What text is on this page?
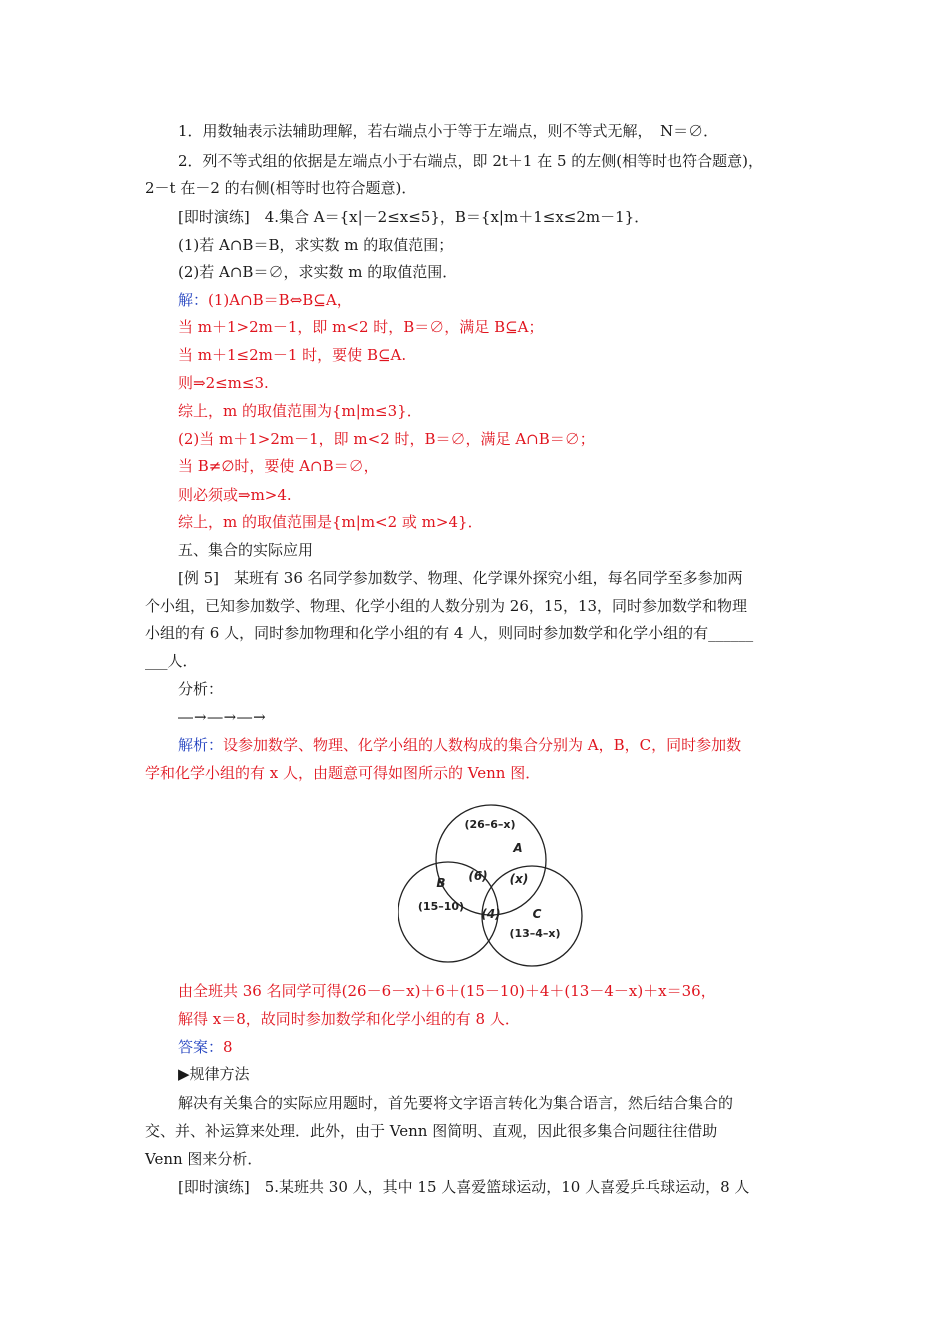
1．用数轴表示法辅助理解，若右端点小于等于左端点，则不等式无解，　N＝∅．
2．列不等式组的依据是左端点小于右端点，即 2t＋1 在 5 的左侧(相等时也符合题意)，
2－t 在－2 的右侧(相等时也符合题意)．
[即时演练]　4.集合 A＝{x|－2≤x≤5}，B＝{x|m＋1≤x≤2m－1}．
(1)若 A∩B＝B，求实数 m 的取值范围；
(2)若 A∩B＝∅，求实数 m 的取值范围．
解：(1)A∩B＝B⇔B⊆A，
当 m＋1>2m－1，即 m<2 时，B＝∅，满足 B⊆A；
当 m＋1≤2m－1 时，要使 B⊆A.
则⇒2≤m≤3.
综上，m 的取值范围为{m|m≤3}．
(2)当 m＋1>2m－1，即 m<2 时，B＝∅，满足 A∩B＝∅；
当 B≠∅时，要使 A∩B＝∅，
则必须或⇒m>4.
综上，m 的取值范围是{m|m<2 或 m>4}．
五、集合的实际应用
[例 5]　某班有 36 名同学参加数学、物理、化学课外探究小组，每名同学至多参加两
个小组，已知参加数学、物理、化学小组的人数分别为 26，15，13，同时参加数学和物理
小组的有 6 人，同时参加物理和化学小组的有 4 人，则同时参加数学和化学小组的有______
___人．
分析：
―→―→―→
解析：设参加数学、物理、化学小组的人数构成的集合分别为 A，B，C，同时参加数
学和化学小组的有 x 人，由题意可得如图所示的 Venn 图．
(26–6–x)
A
(6) (x)
B
(15–10)
(4)	C
(13–4–x)
由全班共 36 名同学可得(26－6－x)＋6＋(15－10)＋4＋(13－4－x)＋x＝36，
解得 x＝8，故同时参加数学和化学小组的有 8 人．
答案：8
▶规律方法
解决有关集合的实际应用题时，首先要将文字语言转化为集合语言，然后结合集合的
交、并、补运算来处理．此外，由于 Venn 图简明、直观，因此很多集合问题往往借助
Venn 图来分析．
[即时演练]　5.某班共 30 人，其中 15 人喜爱篮球运动，10 人喜爱乒乓球运动，8 人
